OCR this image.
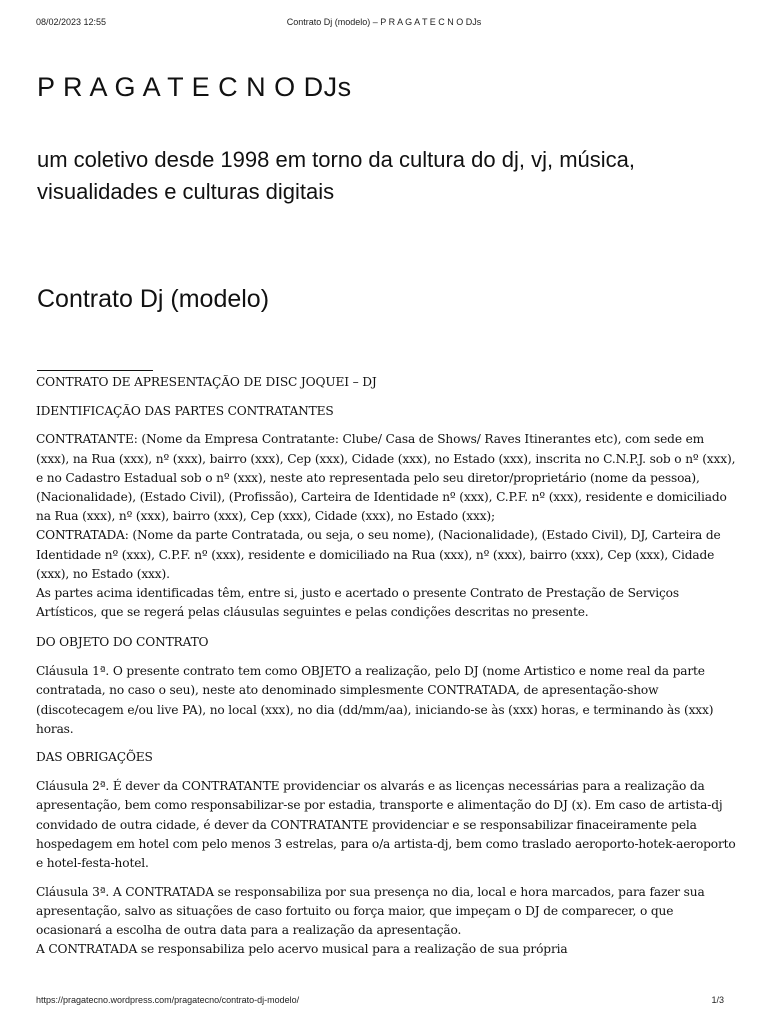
08/02/2023 12:55	Contrato Dj (modelo) – P R A G A T E C N O DJs
P R A G A T E C N O DJs

um coletivo desde 1998 em torno da cultura do dj, vj, música, visualidades e culturas digitais

Contrato Dj (modelo)

CONTRATO DE APRESENTAÇÃO DE DISC JOQUEI – DJ

IDENTIFICAÇÃO DAS PARTES CONTRATANTES

CONTRATANTE: (Nome da Empresa Contratante: Clube/ Casa de Shows/ Raves Itinerantes etc), com sede em (xxx), na Rua (xxx), nº (xxx), bairro (xxx), Cep (xxx), Cidade (xxx), no Estado (xxx), inscrita no C.N.P.J. sob o nº (xxx), e no Cadastro Estadual sob o nº (xxx), neste ato representada pelo seu diretor/proprietário (nome da pessoa), (Nacionalidade), (Estado Civil), (Profissão), Carteira de Identidade nº (xxx), C.P.F. nº (xxx), residente e domiciliado na Rua (xxx), nº (xxx), bairro (xxx), Cep (xxx), Cidade (xxx), no Estado (xxx);
CONTRATADA: (Nome da parte Contratada, ou seja, o seu nome), (Nacionalidade), (Estado Civil), DJ, Carteira de Identidade nº (xxx), C.P.F. nº (xxx), residente e domiciliado na Rua (xxx), nº (xxx), bairro (xxx), Cep (xxx), Cidade (xxx), no Estado (xxx).
As partes acima identificadas têm, entre si, justo e acertado o presente Contrato de Prestação de Serviços Artísticos, que se regerá pelas cláusulas seguintes e pelas condições descritas no presente.

DO OBJETO DO CONTRATO

Cláusula 1ª. O presente contrato tem como OBJETO a realização, pelo DJ (nome Artistico e nome real da parte contratada, no caso o seu), neste ato denominado simplesmente CONTRATADA, de apresentação-show (discotecagem e/ou live PA), no local (xxx), no dia (dd/mm/aa), iniciando-se às (xxx) horas, e terminando às (xxx) horas.

DAS OBRIGAÇÕES

Cláusula 2ª. É dever da CONTRATANTE providenciar os alvarás e as licenças necessárias para a realização da apresentação, bem como responsabilizar-se por estadia, transporte e alimentação do DJ (x). Em caso de artista-dj convidado de outra cidade, é dever da CONTRATANTE providenciar e se responsabilizar finaceiramente pela hospedagem em hotel com pelo menos 3 estrelas, para o/a artista-dj, bem como traslado aeroporto-hotek-aeroporto e hotel-festa-hotel.

Cláusula 3ª. A CONTRATADA se responsabiliza por sua presença no dia, local e hora marcados, para fazer sua apresentação, salvo as situações de caso fortuito ou força maior, que impeçam o DJ de comparecer, o que ocasionará a escolha de outra data para a realização da apresentação.
A CONTRATADA se responsabiliza pelo acervo musical para a realização de sua própria
https://pragatecno.wordpress.com/pragatecno/contrato-dj-modelo/	1/3
